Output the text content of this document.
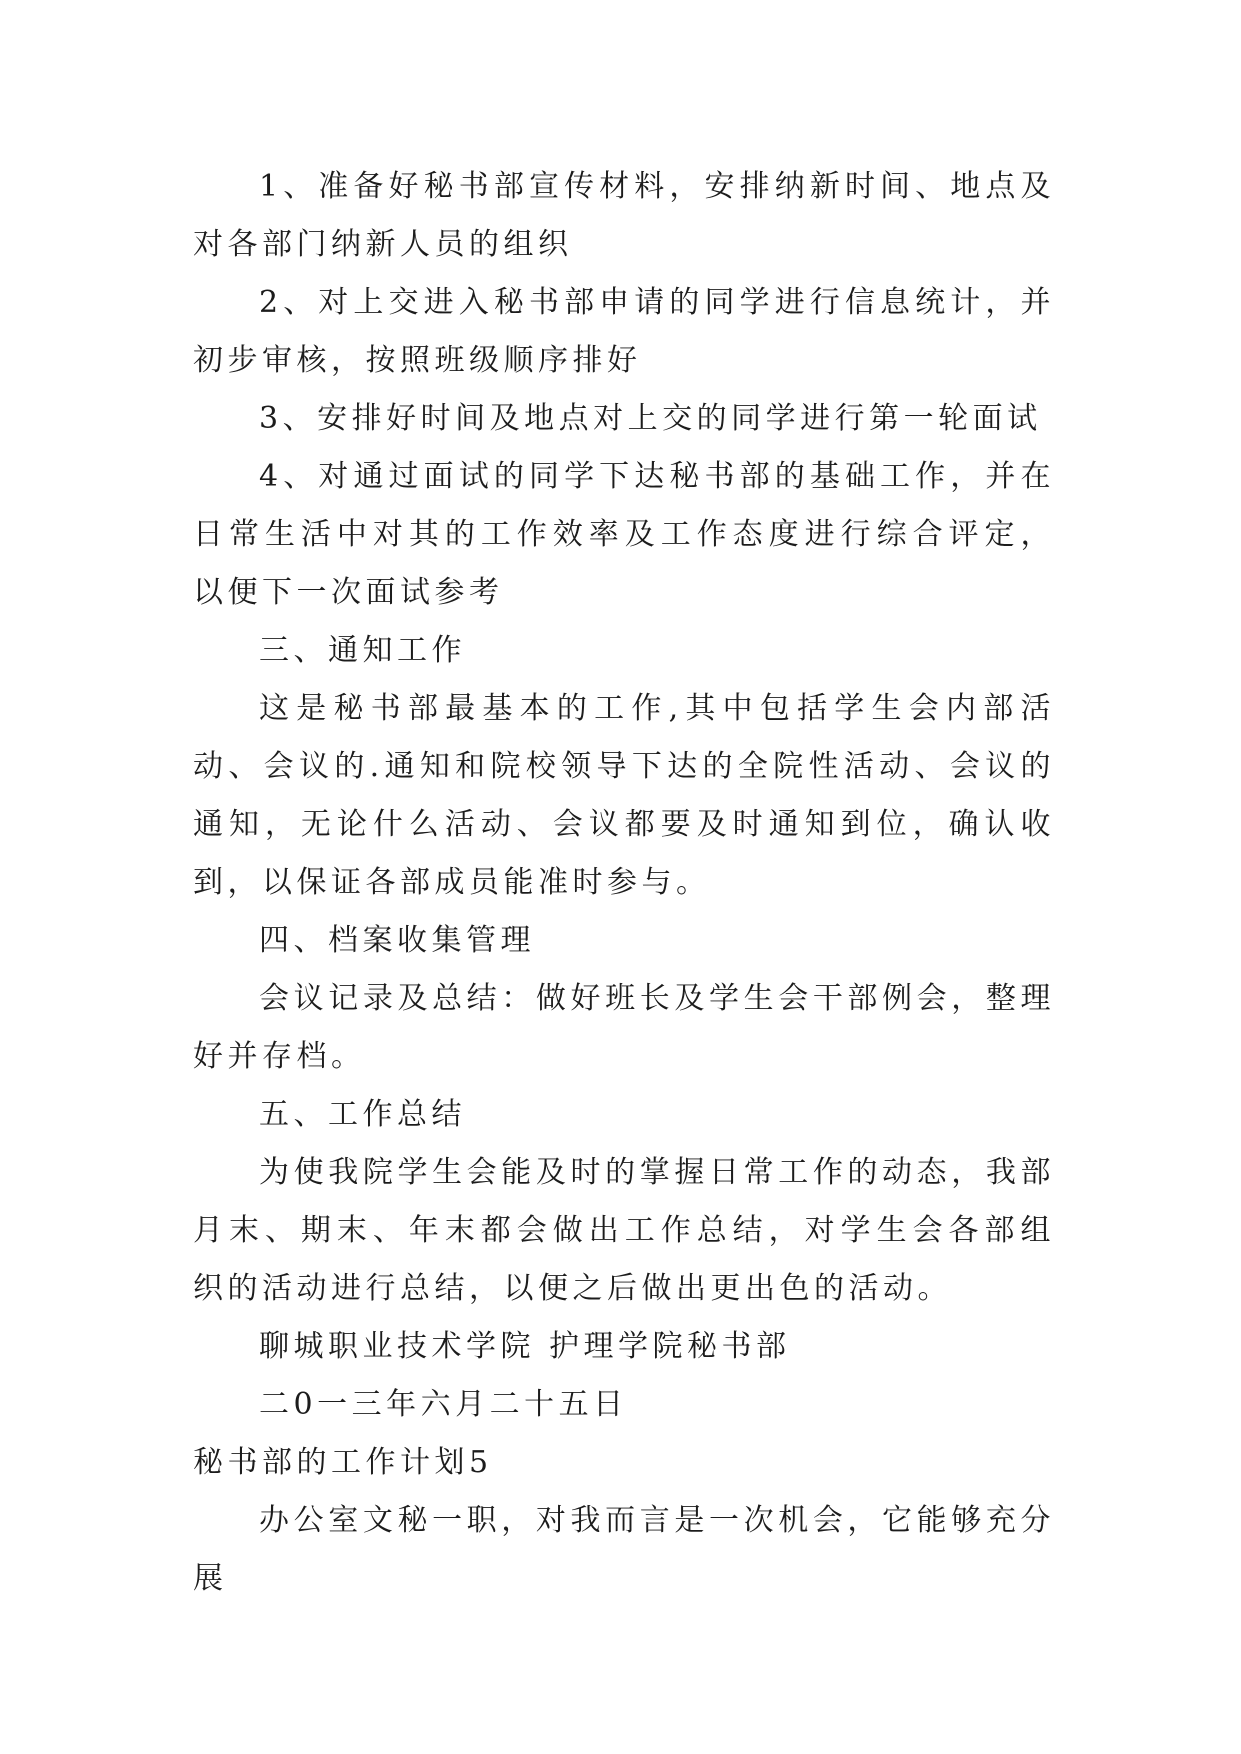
1、准备好秘书部宣传材料，安排纳新时间、地点及对各部门纳新人员的组织

2、对上交进入秘书部申请的同学进行信息统计，并初步审核，按照班级顺序排好

3、安排好时间及地点对上交的同学进行第一轮面试

4、对通过面试的同学下达秘书部的基础工作，并在日常生活中对其的工作效率及工作态度进行综合评定，以便下一次面试参考

三、通知工作

这是秘书部最基本的工作,其中包括学生会内部活动、会议的.通知和院校领导下达的全院性活动、会议的通知，无论什么活动、会议都要及时通知到位，确认收到，以保证各部成员能准时参与。

四、档案收集管理

会议记录及总结：做好班长及学生会干部例会，整理好并存档。

五、工作总结

为使我院学生会能及时的掌握日常工作的动态，我部月末、期末、年末都会做出工作总结，对学生会各部组织的活动进行总结，以便之后做出更出色的活动。

聊城职业技术学院 护理学院秘书部

二0一三年六月二十五日

秘书部的工作计划5

办公室文秘一职，对我而言是一次机会，它能够充分展
